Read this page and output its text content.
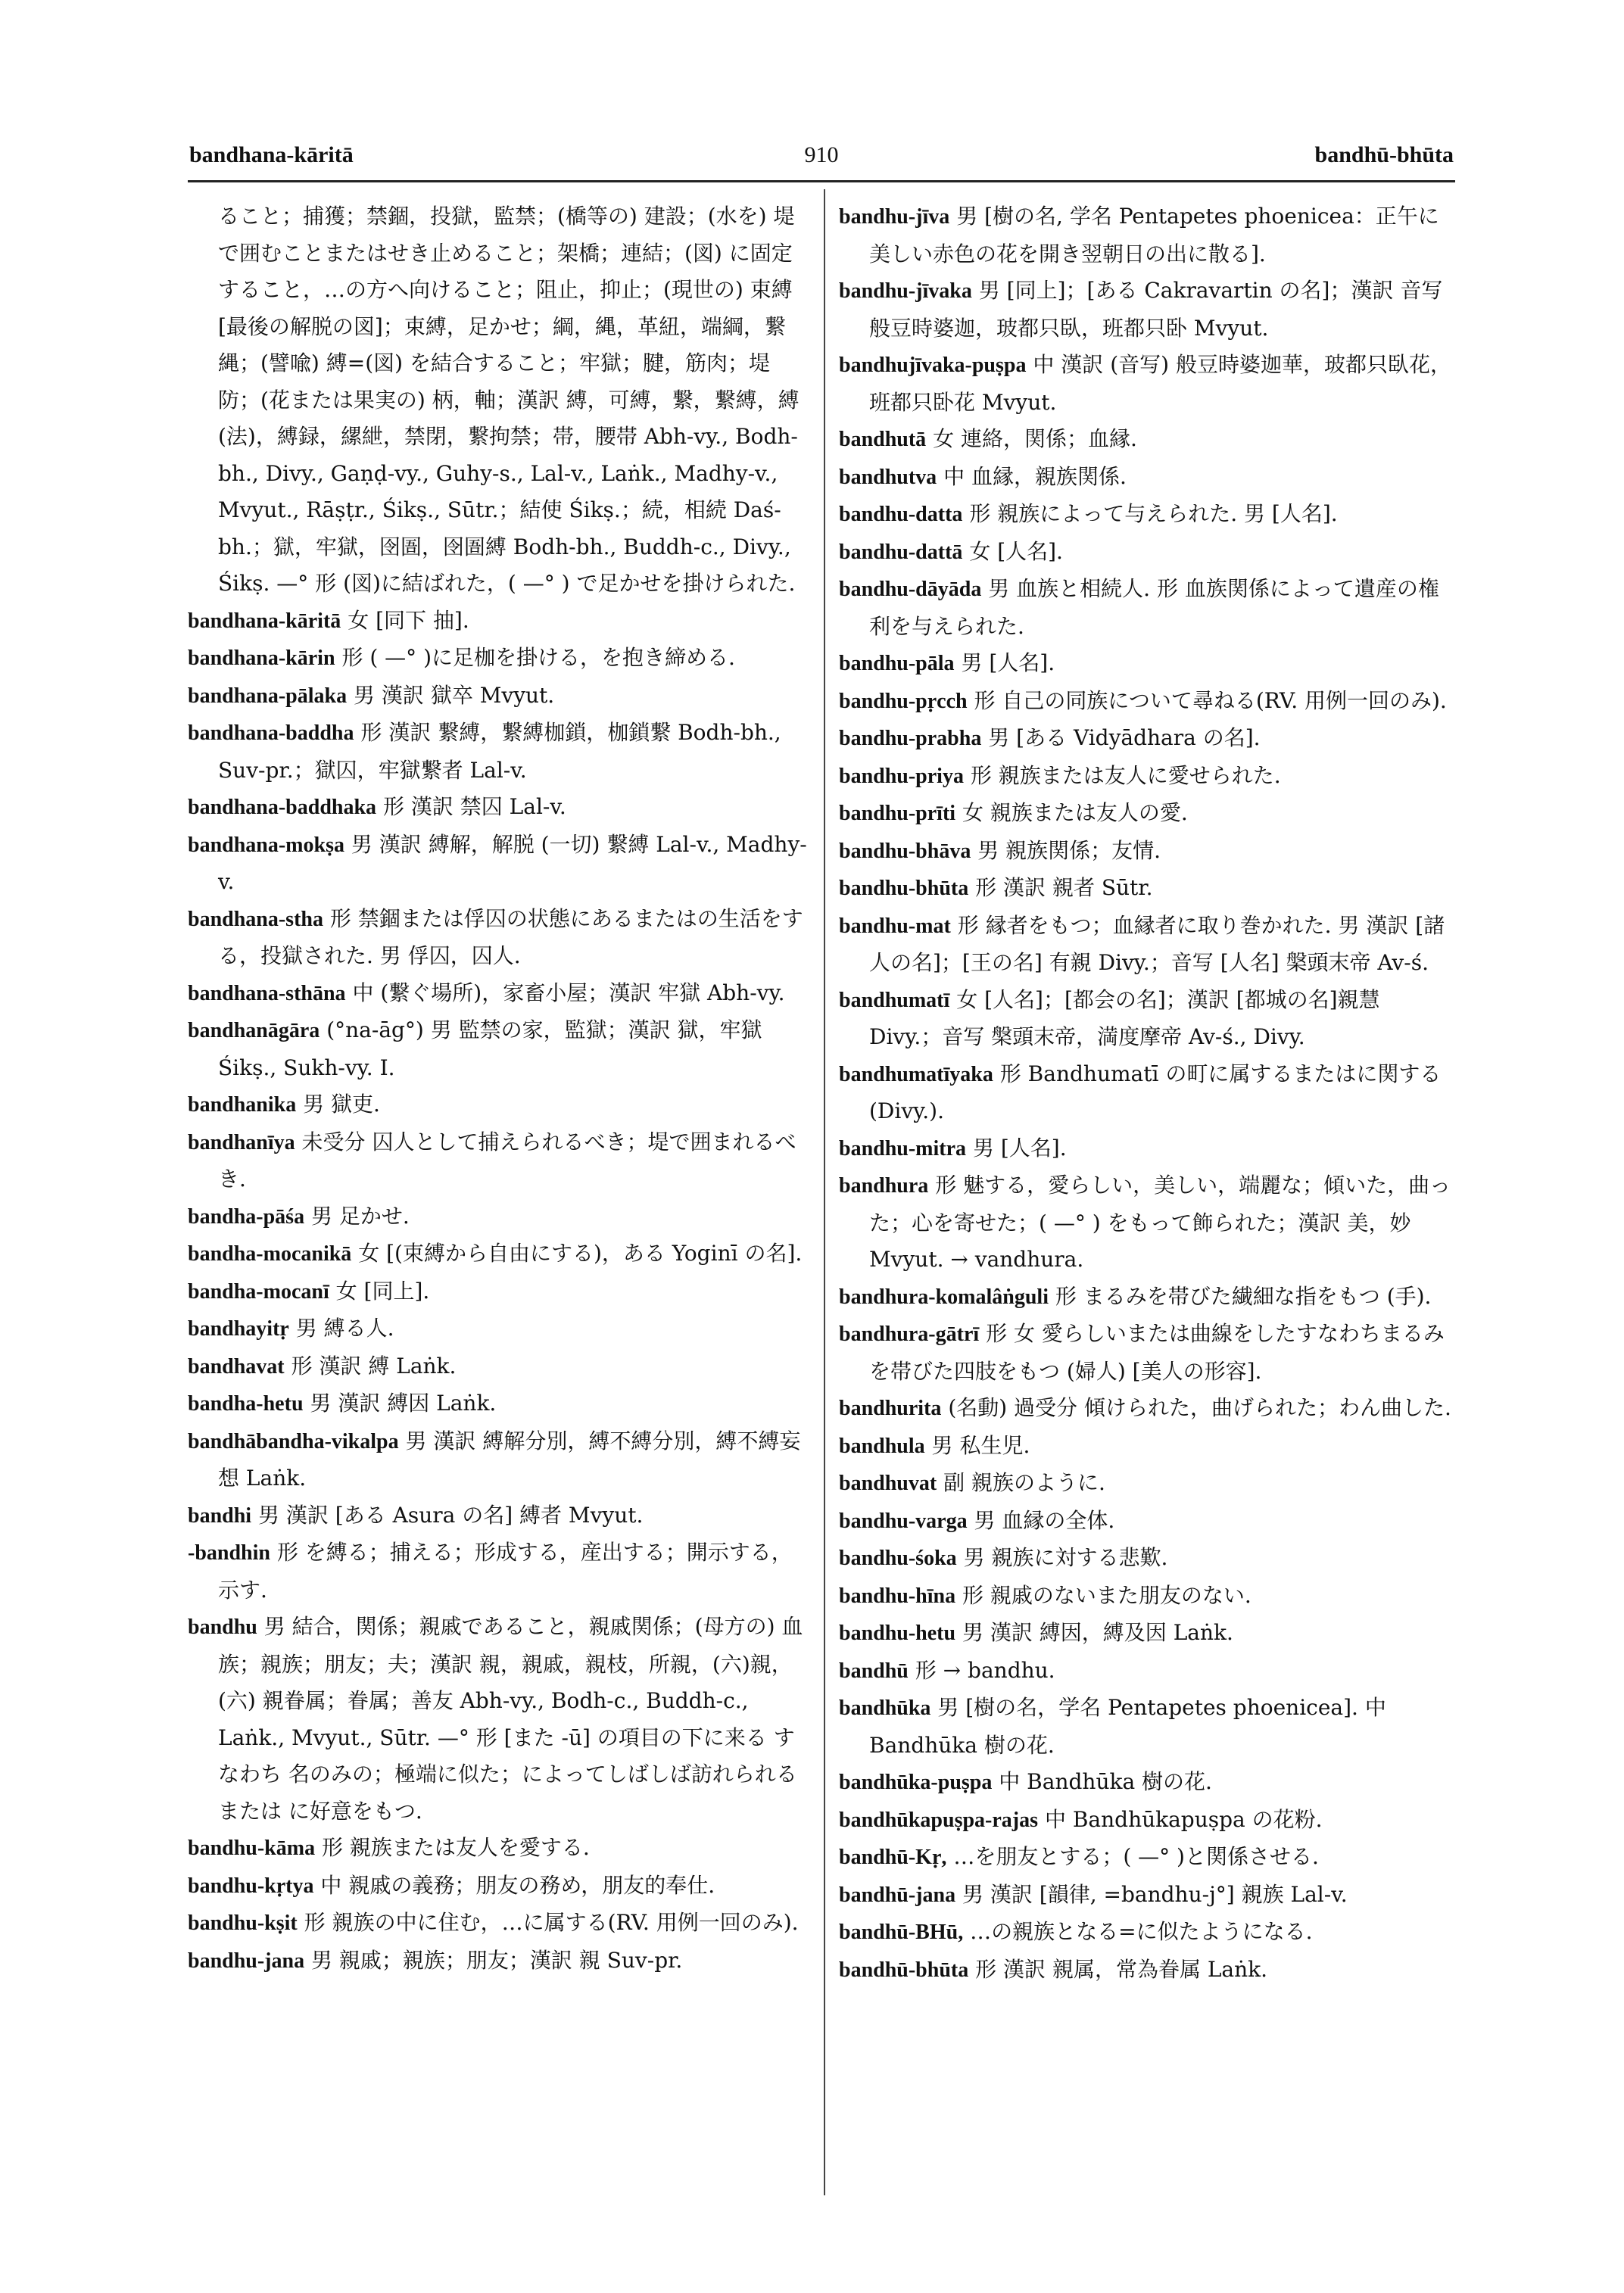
bandhana-kāritā	910	bandhū-bhūta

ること；捕獲；禁錮，投獄，監禁；(橋等の) 建設；(水を) 堤で囲むことまたはせき止めること；架橋；連結；(図) に固定すること，…の方へ向けること；阻止，抑止；(現世の) 束縛 [最後の解脱の図]；束縛，足かせ；綱，縄，革紐，端綱，繋縄；(譬喩) 縛=(図) を結合すること；牢獄；腱，筋肉；堤防；(花または果実の) 柄，軸；漢訳 縛，可縛，繋，繋縛，縛 (法)，縛録，縲紲，禁閉，繋拘禁；帯，腰帯 Abh-vy., Bodh-bh., Divy., Gaṇḍ-vy., Guhy-s., Lal-v., Laṅk., Madhy-v., Mvyut., Rāṣṭr., Śikṣ., Sūtr.；結使 Śikṣ.；続，相続 Daś-bh.；獄，牢獄，囹圄，囹圄縛 Bodh-bh., Buddh-c., Divy., Śikṣ. —° 形 (図)に結ばれた，( —° ) で足かせを掛けられた.

bandhana-kāritā 女 [同下 抽].

bandhana-kārin 形 ( —° )に足枷を掛ける，を抱き締める.

bandhana-pālaka 男 漢訳 獄卒 Mvyut.

bandhana-baddha 形 漢訳 繋縛，繋縛枷鎖，枷鎖繋 Bodh-bh., Suv-pr.；獄囚，牢獄繋者 Lal-v.

bandhana-baddhaka 形 漢訳 禁囚 Lal-v.

bandhana-mokṣa 男 漢訳 縛解，解脱 (一切) 繋縛 Lal-v., Madhy-v.

bandhana-stha 形 禁錮または俘囚の状態にあるまたはの生活をする，投獄された. 男 俘囚，囚人.

bandhana-sthāna 中 (繋ぐ場所)，家畜小屋；漢訳 牢獄 Abh-vy.

bandhanāgāra (°na-āg°) 男 監禁の家，監獄；漢訳 獄，牢獄 Śikṣ., Sukh-vy. I.

bandhanika 男 獄吏.

bandhanīya 未受分 囚人として捕えられるべき；堤で囲まれるべき.

bandha-pāśa 男 足かせ.

bandha-mocanikā 女 [(束縛から自由にする)，ある Yoginī の名].

bandha-mocanī 女 [同上].

bandhayitṛ 男 縛る人.

bandhavat 形 漢訳 縛 Laṅk.

bandha-hetu 男 漢訳 縛因 Laṅk.

bandhābandha-vikalpa 男 漢訳 縛解分別，縛不縛分別，縛不縛妄想 Laṅk.

bandhi 男 漢訳 [ある Asura の名] 縛者 Mvyut.

-bandhin 形 を縛る；捕える；形成する，産出する；開示する，示す.

bandhu 男 結合，関係；親戚であること，親戚関係；(母方の) 血族；親族；朋友；夫；漢訳 親，親戚，親枝，所親，(六)親，(六) 親眷属；眷属；善友 Abh-vy., Bodh-c., Buddh-c., Laṅk., Mvyut., Sūtr. —° 形 [また -ū] の項目の下に来る すなわち 名のみの；極端に似た；によってしばしば訪れられる または に好意をもつ.

bandhu-kāma 形 親族または友人を愛する.

bandhu-kṛtya 中 親戚の義務；朋友の務め，朋友的奉仕.

bandhu-kṣit 形 親族の中に住む，…に属する(RV. 用例一回のみ).

bandhu-jana 男 親戚；親族；朋友；漢訳 親 Suv-pr.

bandhu-jīva 男 [樹の名, 学名 Pentapetes phoenicea：正午に美しい赤色の花を開き翌朝日の出に散る].

bandhu-jīvaka 男 [同上]；[ある Cakravartin の名]；漢訳 音写 般豆時婆迦，玻都只臥，班都只卧 Mvyut.

bandhujīvaka-puṣpa 中 漢訳 (音写) 般豆時婆迦華，玻都只臥花，班都只卧花 Mvyut.

bandhutā 女 連絡，関係；血縁.

bandhutva 中 血縁，親族関係.

bandhu-datta 形 親族によって与えられた. 男 [人名].

bandhu-dattā 女 [人名].

bandhu-dāyāda 男 血族と相続人. 形 血族関係によって遺産の権利を与えられた.

bandhu-pāla 男 [人名].

bandhu-pṛcch 形 自己の同族について尋ねる(RV. 用例一回のみ).

bandhu-prabha 男 [ある Vidyādhara の名].

bandhu-priya 形 親族または友人に愛せられた.

bandhu-prīti 女 親族または友人の愛.

bandhu-bhāva 男 親族関係；友情.

bandhu-bhūta 形 漢訳 親者 Sūtr.

bandhu-mat 形 縁者をもつ；血縁者に取り巻かれた. 男 漢訳 [諸人の名]；[王の名] 有親 Divy.；音写 [人名] 槃頭末帝 Av-ś.

bandhumatī 女 [人名]；[都会の名]；漢訳 [都城の名]親慧 Divy.；音写 槃頭末帝，満度摩帝 Av-ś., Divy.

bandhumatīyaka 形 Bandhumatī の町に属するまたはに関する (Divy.).

bandhu-mitra 男 [人名].

bandhura 形 魅する，愛らしい，美しい，端麗な；傾いた，曲った；心を寄せた；( —° ) をもって飾られた；漢訳 美，妙 Mvyut. → vandhura.

bandhura-komalâṅguli 形 まるみを帯びた繊細な指をもつ (手).

bandhura-gātrī 形 女 愛らしいまたは曲線をしたすなわちまるみを帯びた四肢をもつ (婦人) [美人の形容].

bandhurita (名動) 過受分 傾けられた，曲げられた；わん曲した.

bandhula 男 私生児.

bandhuvat 副 親族のように.

bandhu-varga 男 血縁の全体.

bandhu-śoka 男 親族に対する悲歎.

bandhu-hīna 形 親戚のないまた朋友のない.

bandhu-hetu 男 漢訳 縛因，縛及因 Laṅk.

bandhū 形 → bandhu.

bandhūka 男 [樹の名，学名 Pentapetes phoenicea]. 中 Bandhūka 樹の花.

bandhūka-puṣpa 中 Bandhūka 樹の花.

bandhūkapuṣpa-rajas 中 Bandhūkapuṣpa の花粉.

bandhū-Kṛ, …を朋友とする；( —° )と関係させる.

bandhū-jana 男 漢訳 [韻律, =bandhu-j°] 親族 Lal-v.

bandhū-BHū, …の親族となる=に似たようになる.

bandhū-bhūta 形 漢訳 親属，常為眷属 Laṅk.
